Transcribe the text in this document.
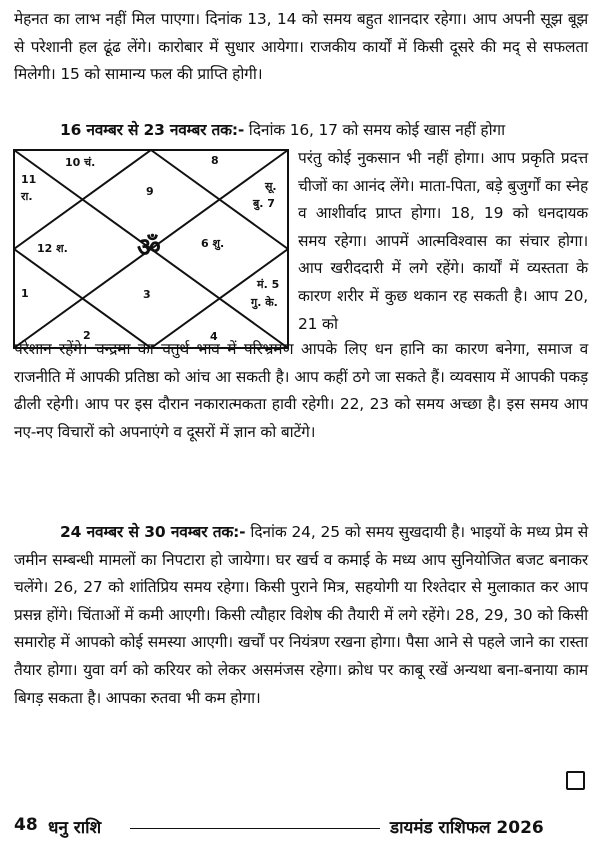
मेहनत का लाभ नहीं मिल पाएगा। दिनांक 13, 14 को समय बहुत शानदार रहेगा। आप अपनी सूझ बूझ से परेशानी हल ढूंढ लेंगे। कारोबार में सुधार आयेगा। राजकीय कार्यों में किसी दूसरे की मद् से सफलता मिलेगी। 15 को सामान्य फल की प्राप्ति होगी।
16 नवम्बर से 23 नवम्बर तक:- दिनांक 16, 17 को समय कोई खास नहीं होगा
10 चं.	8
11
रा.	9	सू.
बु. 7
12 श.	ॐ	6 शु.
1	3
मं. 5
गु. के.
2	4
परंतु कोई नुकसान भी नहीं होगा। आप प्रकृति प्रदत्त चीजों का आनंद लेंगे। माता-पिता, बड़े बुजुर्गों का स्नेह व आशीर्वाद प्राप्त होगा। 18, 19 को धनदायक समय रहेगा। आपमें आत्मविश्वास का संचार होगा। आप खरीददारी में लगे रहेंगे। कार्यों में व्यस्तता के कारण शरीर में कुछ थकान रह सकती है। आप 20, 21 को
परेशान रहेंगे। चन्द्रमा का चतुर्थ भाव में परिभ्रमण आपके लिए धन हानि का कारण बनेगा, समाज व राजनीति में आपकी प्रतिष्ठा को आंच आ सकती है। आप कहीं ठगे जा सकते हैं। व्यवसाय में आपकी पकड़ ढीली रहेगी। आप पर इस दौरान नकारात्मकता हावी रहेगी। 22, 23 को समय अच्छा है। इस समय आप नए-नए विचारों को अपनाएंगे व दूसरों में ज्ञान को बाटेंगे।
24 नवम्बर से 30 नवम्बर तक:- दिनांक 24, 25 को समय सुखदायी है। भाइयों के मध्य प्रेम से जमीन सम्बन्धी मामलों का निपटारा हो जायेगा। घर खर्च व कमाई के मध्य आप सुनियोजित बजट बनाकर चलेंगे। 26, 27 को शांतिप्रिय समय रहेगा। किसी पुराने मित्र, सहयोगी या रिश्तेदार से मुलाकात कर आप प्रसन्न होंगे। चिंताओं में कमी आएगी। किसी त्यौहार विशेष की तैयारी में लगे रहेंगे। 28, 29, 30 को किसी समारोह में आपको कोई समस्या आएगी। खर्चों पर नियंत्रण रखना होगा। पैसा आने से पहले जाने का रास्ता तैयार होगा। युवा वर्ग को करियर को लेकर असमंजस रहेगा। क्रोध पर काबू रखें अन्यथा बना-बनाया काम बिगड़ सकता है। आपका रुतवा भी कम होगा।
48 धनु राशि	डायमंड राशिफल 2026
